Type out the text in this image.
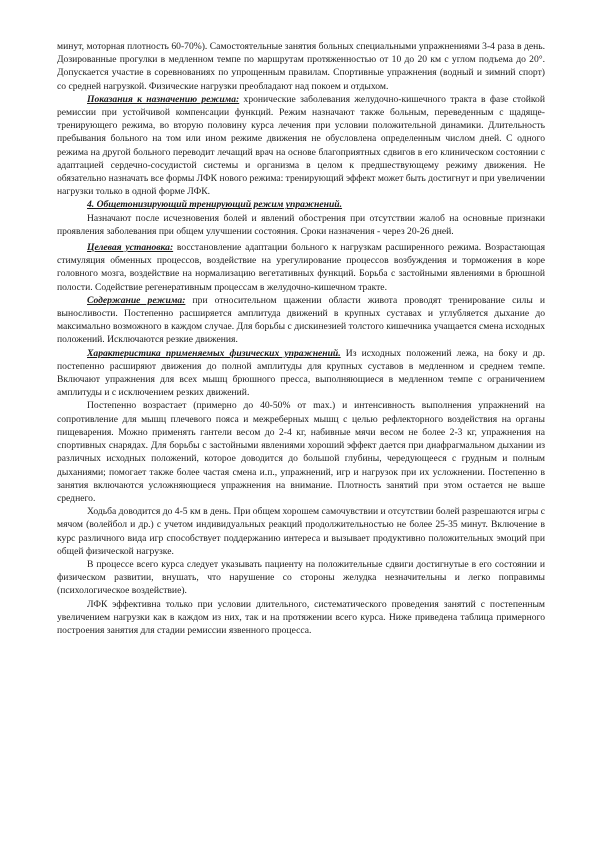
минут, моторная плотность 60-70%). Самостоятельные занятия больных специальными упражнениями 3-4 раза в день. Дозированные прогулки в медленном темпе по маршрутам протяженностью от 10 до 20 км с углом подъема до 20°. Допускается участие в соревнованиях по упрощенным правилам. Спортивные упражнения (водный и зимний спорт) со средней нагрузкой. Физические нагрузки преобладают над покоем и отдыхом.

Показания к назначению режима: хронические заболевания желудочно-кишечного тракта в фазе стойкой ремиссии при устойчивой компенсации функций. Режим назначают также больным, переведенным с щадяще-тренирующего режима, во вторую половину курса лечения при условии положительной динамики. Длительность пребывания больного на том или ином режиме движения не обусловлена определенным числом дней. С одного режима на другой больного переводит лечащий врач на основе благоприятных сдвигов в его клиническом состоянии с адаптацией сердечно-сосудистой системы и организма в целом к предшествующему режиму движения. Не обязательно назначать все формы ЛФК нового режима: тренирующий эффект может быть достигнут и при увеличении нагрузки только в одной форме ЛФК.

4. Общетонизирующий тренирующий режим упражнений.

Назначают после исчезновения болей и явлений обострения при отсутствии жалоб на основные признаки проявления заболевания при общем улучшении состояния. Сроки назначения - через 20-26 дней.

Целевая установка: восстановление адаптации больного к нагрузкам расширенного режима. Возрастающая стимуляция обменных процессов, воздействие на урегулирование процессов возбуждения и торможения в коре головного мозга, воздействие на нормализацию вегетативных функций. Борьба с застойными явлениями в брюшной полости. Содействие регенеративным процессам в желудочно-кишечном тракте.

Содержание режима: при относительном щажении области живота проводят тренирование силы и выносливости. Постепенно расширяется амплитуда движений в крупных суставах и углубляется дыхание до максимально возможного в каждом случае. Для борьбы с дискинезией толстого кишечника учащается смена исходных положений. Исключаются резкие движения.

Характеристика применяемых физических упражнений. Из исходных положений лежа, на боку и др. постепенно расширяют движения до полной амплитуды для крупных суставов в медленном и среднем темпе. Включают упражнения для всех мышц брюшного пресса, выполняющиеся в медленном темпе с ограничением амплитуды и с исключением резких движений.

Постепенно возрастает (примерно до 40-50% от max.) и интенсивность выполнения упражнений на сопротивление для мышц плечевого пояса и межреберных мышц с целью рефлекторного воздействия на органы пищеварения. Можно применять гантели весом до 2-4 кг, набивные мячи весом не более 2-3 кг, упражнения на спортивных снарядах. Для борьбы с застойными явлениями хороший эффект дается при диафрагмальном дыхании из различных исходных положений, которое доводится до большой глубины, чередующееся с грудным и полным дыханиями; помогает также более частая смена и.п., упражнений, игр и нагрузок при их усложнении. Постепенно в занятия включаются усложняющиеся упражнения на внимание. Плотность занятий при этом остается не выше среднего.

Ходьба доводится до 4-5 км в день. При общем хорошем самочувствии и отсутствии болей разрешаются игры с мячом (волейбол и др.) с учетом индивидуальных реакций продолжительностью не более 25-35 минут. Включение в курс различного вида игр способствует поддержанию интереса и вызывает продуктивно положительных эмоций при общей физической нагрузке.

В процессе всего курса следует указывать пациенту на положительные сдвиги достигнутые в его состоянии и физическом развитии, внушать, что нарушение со стороны желудка незначительны и легко поправимы (психологическое воздействие).

ЛФК эффективна только при условии длительного, систематического проведения занятий с постепенным увеличением нагрузки как в каждом из них, так и на протяжении всего курса. Ниже приведена таблица примерного построения занятия для стадии ремиссии язвенного процесса.
